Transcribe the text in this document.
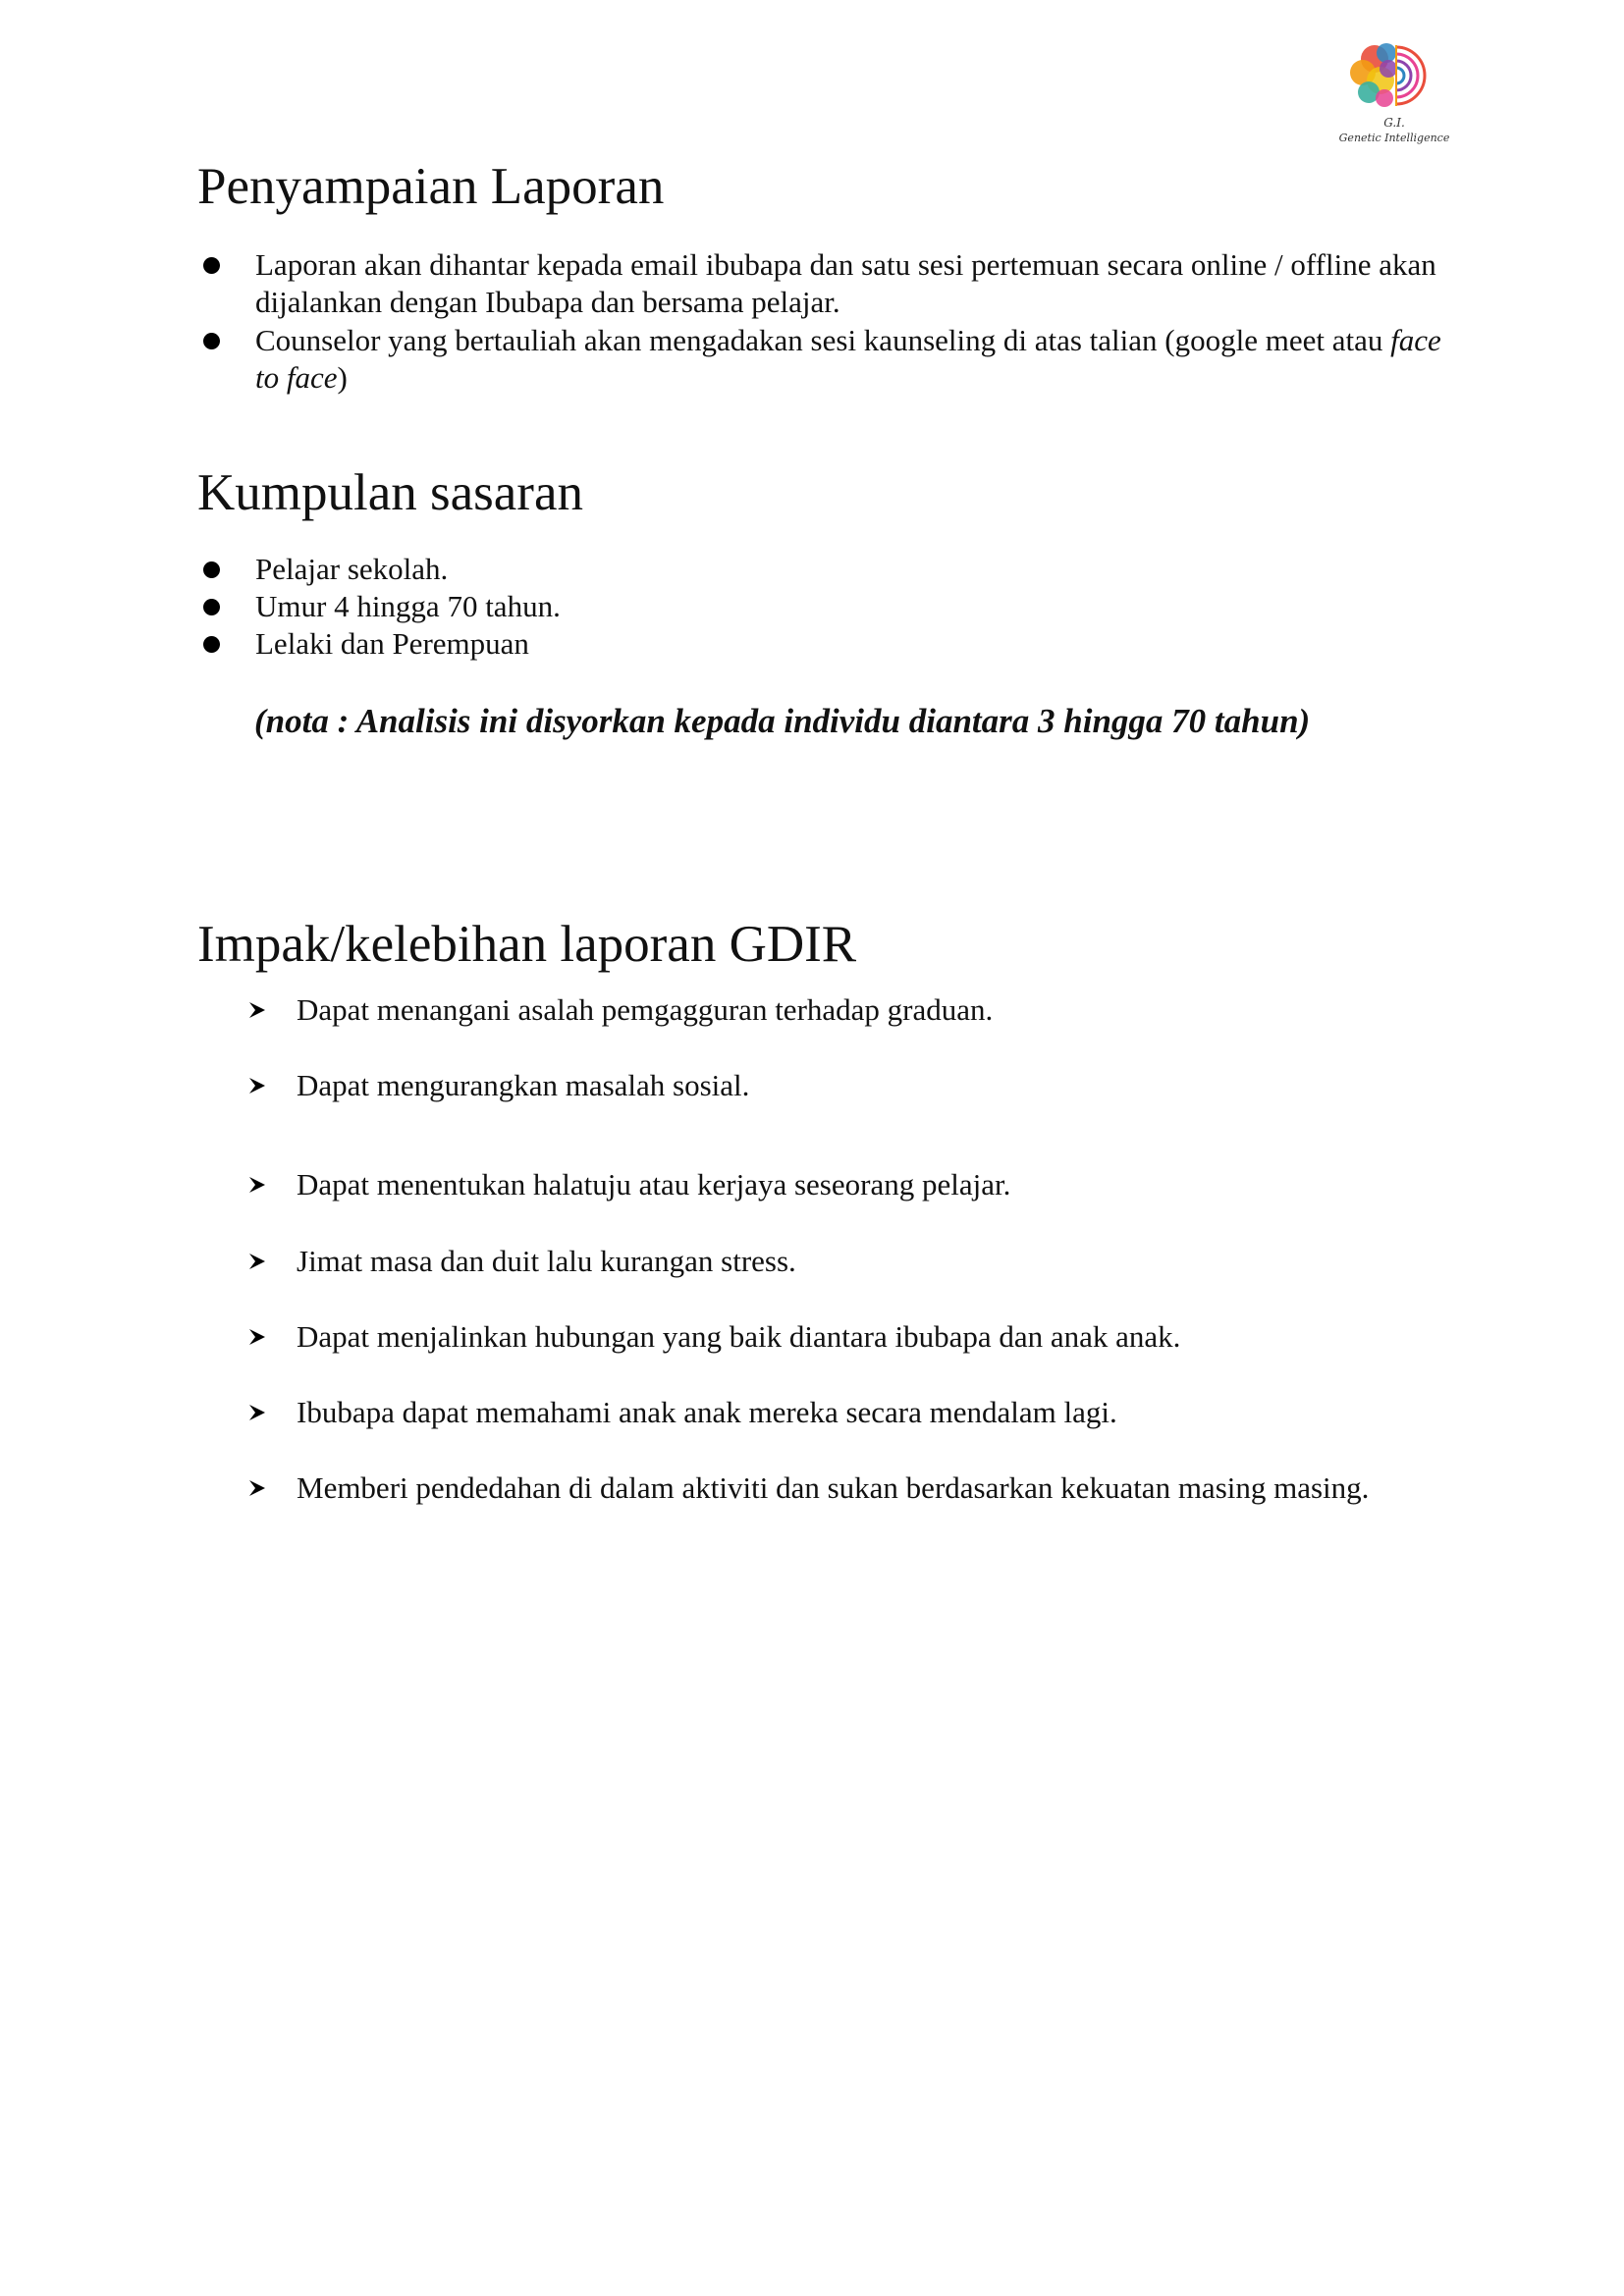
G.I.
Genetic Intelligence
Penyampaian Laporan
Laporan akan dihantar kepada email ibubapa dan satu sesi pertemuan secara online / offline akan dijalankan dengan Ibubapa dan bersama pelajar.
Counselor yang bertauliah akan mengadakan sesi kaunseling di atas talian (google meet atau face to face)
Kumpulan sasaran
Pelajar sekolah.
Umur 4 hingga 70 tahun.
Lelaki dan Perempuan
(nota : Analisis ini disyorkan kepada individu diantara 3 hingga 70 tahun)
Impak/kelebihan laporan GDIR
Dapat menangani asalah pemgagguran terhadap graduan.
Dapat mengurangkan masalah sosial.
Dapat menentukan halatuju atau kerjaya seseorang pelajar.
Jimat masa dan duit lalu kurangan stress.
Dapat menjalinkan hubungan yang baik diantara ibubapa dan anak anak.
Ibubapa dapat memahami anak anak mereka secara mendalam lagi.
Memberi pendedahan di dalam aktiviti dan sukan berdasarkan kekuatan masing masing.
